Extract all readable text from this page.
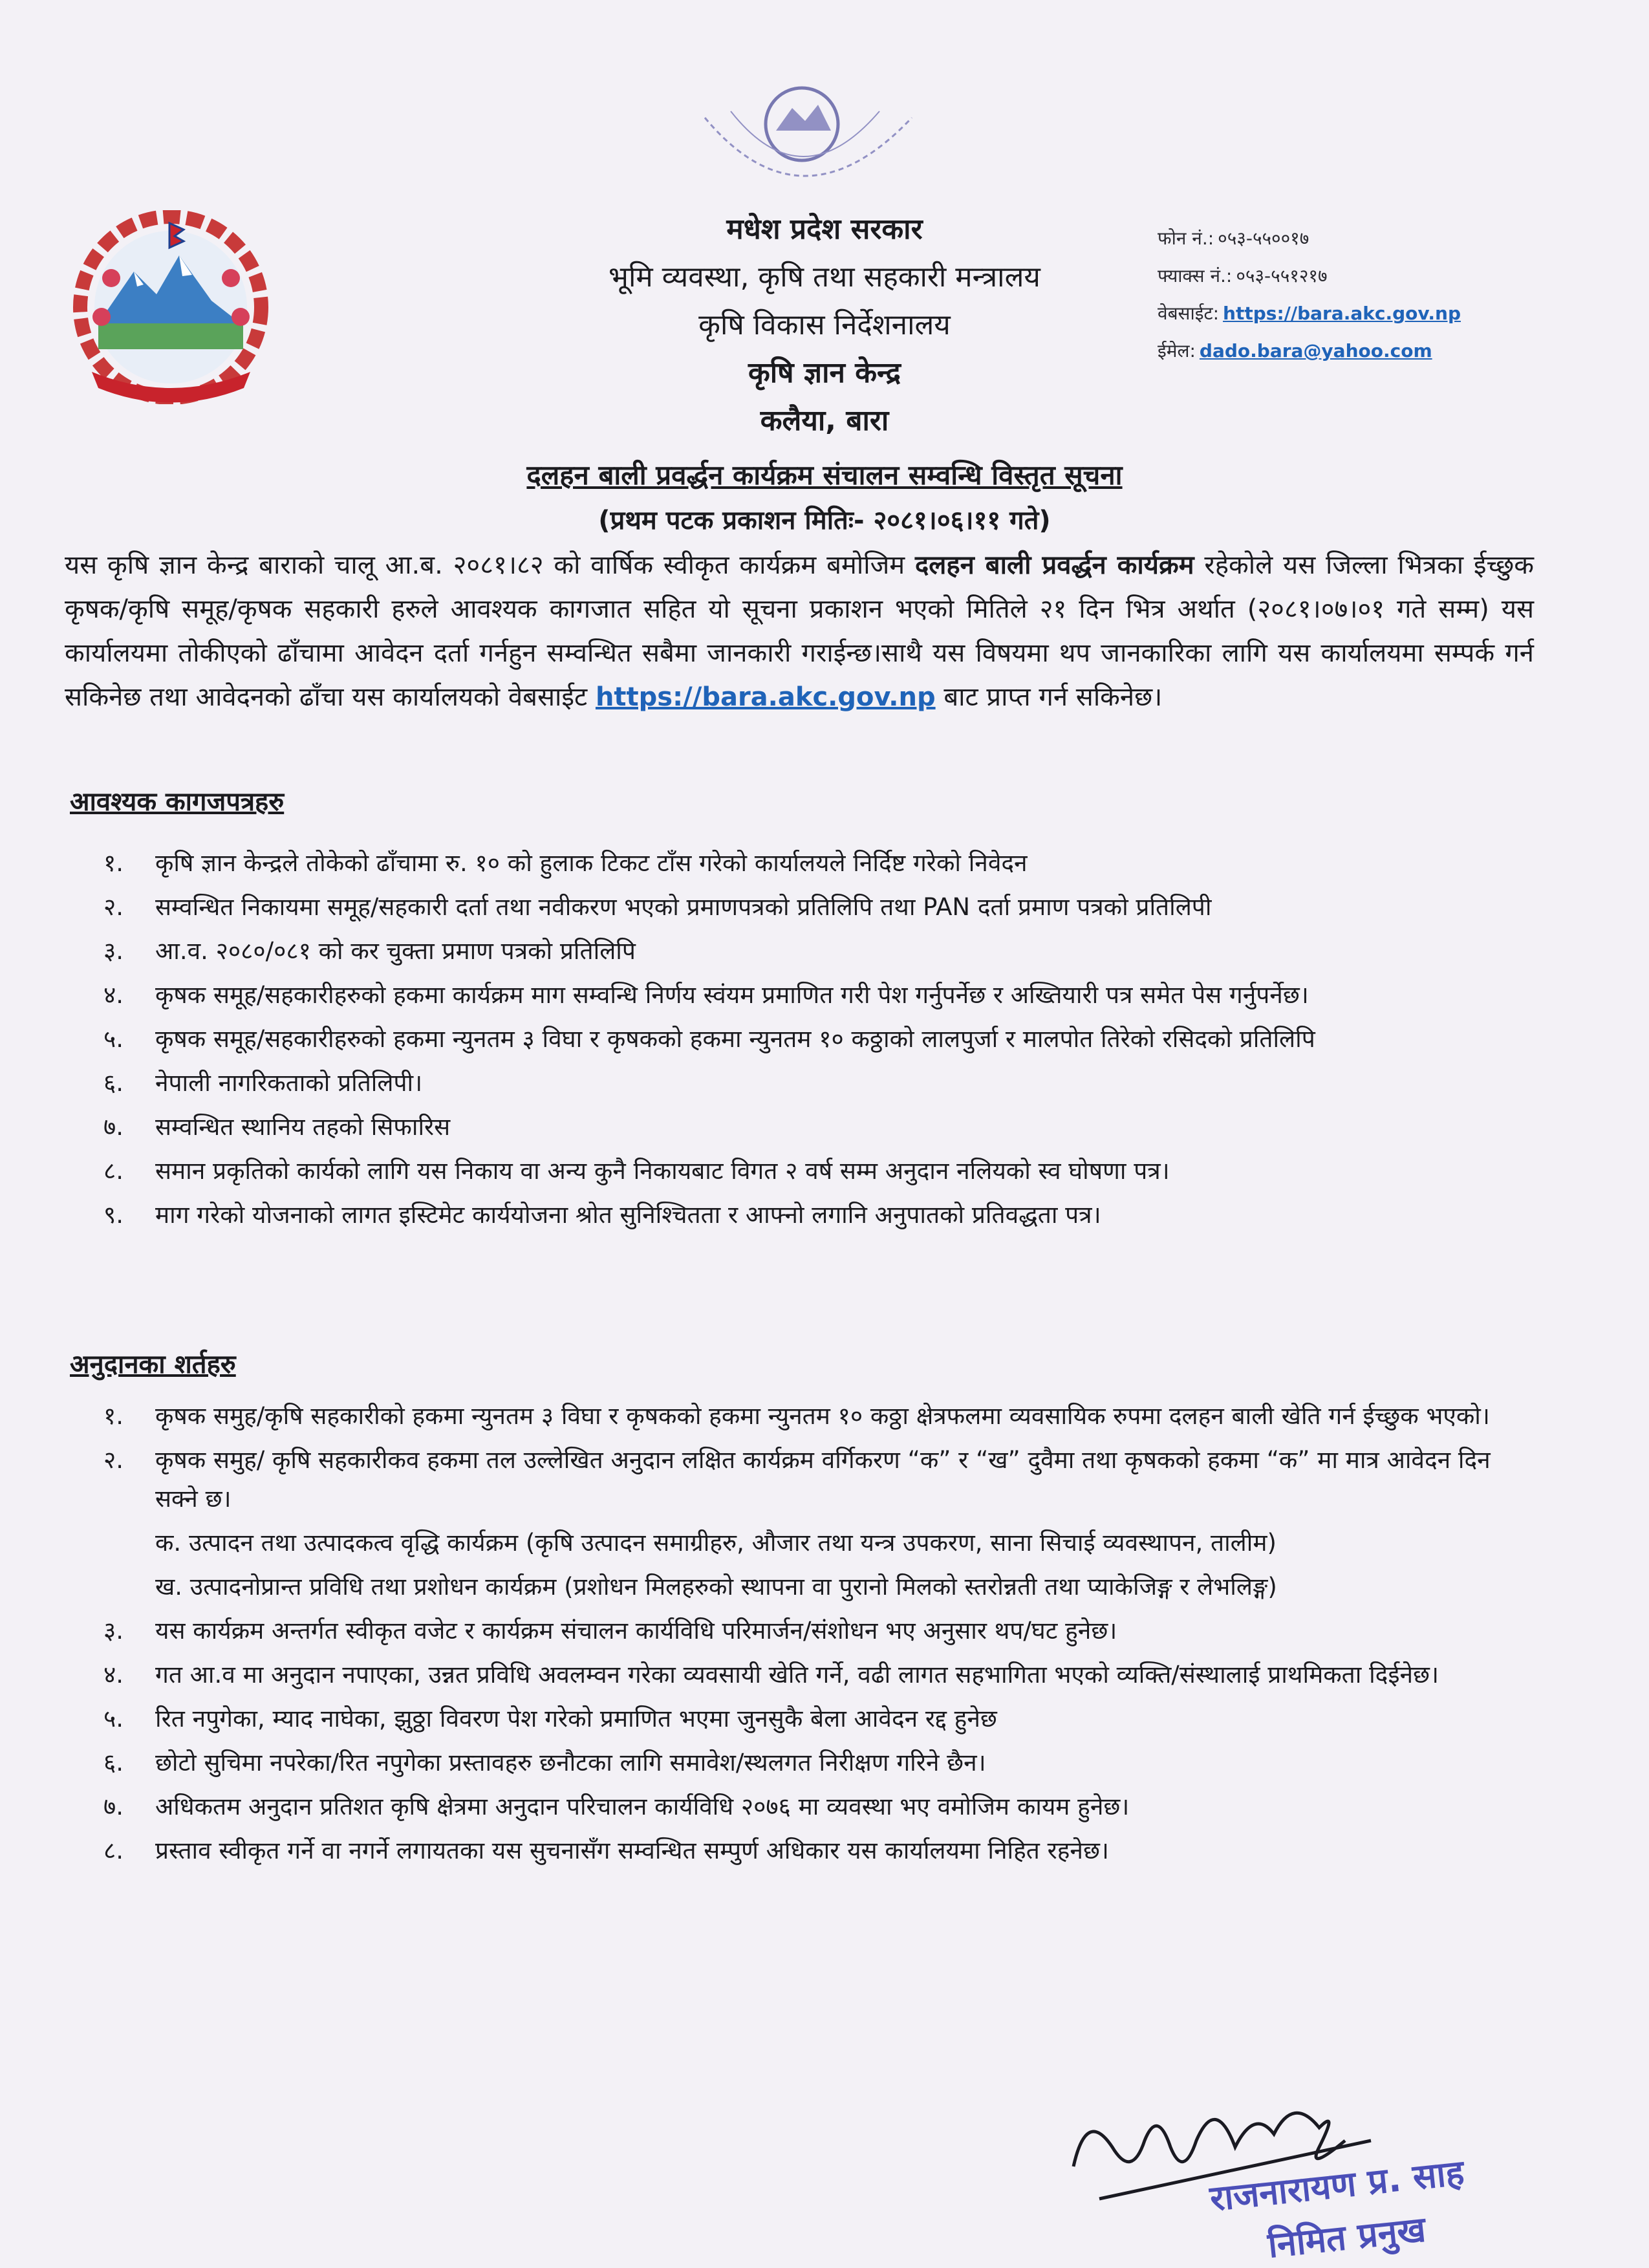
मधेश प्रदेश सरकार
भूमि व्यवस्था, कृषि तथा सहकारी मन्त्रालय
कृषि विकास निर्देशनालय
कृषि ज्ञान केन्द्र
कलैया, बारा
फोन नं.: ०५३-५५००१७
फ्याक्स नं.: ०५३-५५१२१७
वेबसाईट: https://bara.akc.gov.np
ईमेल: dado.bara@yahoo.com
दलहन बाली प्रवर्द्धन कार्यक्रम संचालन सम्वन्धि विस्तृत सूचना
(प्रथम पटक प्रकाशन मितिः- २०८१।०६।११ गते)
यस कृषि ज्ञान केन्द्र बाराको चालू आ.ब. २०८१।८२ को वार्षिक स्वीकृत कार्यक्रम बमोजिम दलहन बाली प्रवर्द्धन कार्यक्रम रहेकोले यस जिल्ला भित्रका ईच्छुक कृषक/कृषि समूह/कृषक सहकारी हरुले आवश्यक कागजात सहित यो सूचना प्रकाशन भएको मितिले २१ दिन भित्र अर्थात (२०८१।०७।०१ गते सम्म) यस कार्यालयमा तोकीएको ढाँचामा आवेदन दर्ता गर्नहुन सम्वन्धित सबैमा जानकारी गराईन्छ।साथै यस विषयमा थप जानकारिका लागि यस कार्यालयमा सम्पर्क गर्न सकिनेछ तथा आवेदनको ढाँचा यस कार्यालयको वेबसाईट https://bara.akc.gov.np बाट प्राप्त गर्न सकिनेछ।
आवश्यक कागजपत्रहरु
१.	कृषि ज्ञान केन्द्रले तोकेको ढाँचामा रु. १० को हुलाक टिकट टाँस गरेको कार्यालयले निर्दिष्ट गरेको निवेदन
२.	सम्वन्धित निकायमा समूह/सहकारी दर्ता तथा नवीकरण भएको प्रमाणपत्रको प्रतिलिपि तथा PAN दर्ता प्रमाण पत्रको प्रतिलिपी
३.	आ.व. २०८०/०८१ को कर चुक्ता प्रमाण पत्रको प्रतिलिपि
४.	कृषक समूह/सहकारीहरुको हकमा कार्यक्रम माग सम्वन्धि निर्णय स्वंयम प्रमाणित गरी पेश गर्नुपर्नेछ र अख्तियारी पत्र समेत पेस गर्नुपर्नेछ।
५.	कृषक समूह/सहकारीहरुको हकमा न्युनतम ३ विघा र कृषकको हकमा न्युनतम १० कठ्ठाको लालपुर्जा र मालपोत तिरेको रसिदको प्रतिलिपि
६.	नेपाली नागरिकताको प्रतिलिपी।
७.	सम्वन्धित स्थानिय तहको सिफारिस
८.	समान प्रकृतिको कार्यको लागि यस निकाय वा अन्य कुनै निकायबाट विगत २ वर्ष सम्म अनुदान नलियको स्व घोषणा पत्र।
९.	माग गरेको योजनाको लागत इस्टिमेट कार्ययोजना श्रोत सुनिश्चितता र आफ्नो लगानि अनुपातको प्रतिवद्धता पत्र।
अनुदानका शर्तहरु
१.	कृषक समुह/कृषि सहकारीको हकमा न्युनतम ३ विघा र कृषकको हकमा न्युनतम १० कठ्ठा क्षेत्रफलमा व्यवसायिक रुपमा दलहन बाली खेति गर्न ईच्छुक भएको।
२.	कृषक समुह/ कृषि सहकारीकव हकमा तल उल्लेखित अनुदान लक्षित कार्यक्रम वर्गिकरण “क” र “ख” दुवैमा तथा कृषकको हकमा “क” मा मात्र आवेदन दिन सक्ने छ।
क. उत्पादन तथा उत्पादकत्व वृद्धि कार्यक्रम (कृषि उत्पादन समाग्रीहरु, औजार तथा यन्त्र उपकरण, साना सिचाई व्यवस्थापन, तालीम)
ख. उत्पादनोप्रान्त प्रविधि तथा प्रशोधन कार्यक्रम (प्रशोधन मिलहरुको स्थापना वा पुरानो मिलको स्तरोन्नती तथा प्याकेजिङ्ग र लेभलिङ्ग)
३.	यस कार्यक्रम अन्तर्गत स्वीकृत वजेट र कार्यक्रम संचालन कार्यविधि परिमार्जन/संशोधन भए अनुसार थप/घट हुनेछ।
४.	गत आ.व मा अनुदान नपाएका, उन्नत प्रविधि अवलम्वन गरेका व्यवसायी खेति गर्ने, वढी लागत सहभागिता भएको व्यक्ति/संस्थालाई प्राथमिकता दिईनेछ।
५.	रित नपुगेका, म्याद नाघेका, झुठ्ठा विवरण पेश गरेको प्रमाणित भएमा जुनसुकै बेला आवेदन रद्द हुनेछ
६.	छोटो सुचिमा नपरेका/रित नपुगेका प्रस्तावहरु छनौटका लागि समावेश/स्थलगत निरीक्षण गरिने छैन।
७.	अधिकतम अनुदान प्रतिशत कृषि क्षेत्रमा अनुदान परिचालन कार्यविधि २०७६ मा व्यवस्था भए वमोजिम कायम हुनेछ।
८.	प्रस्ताव स्वीकृत गर्ने वा नगर्ने लगायतका यस सुचनासँग सम्वन्धित सम्पुर्ण अधिकार यस कार्यालयमा निहित रहनेछ।
राजनारायण प्र. साह
निमित प्रनुख
